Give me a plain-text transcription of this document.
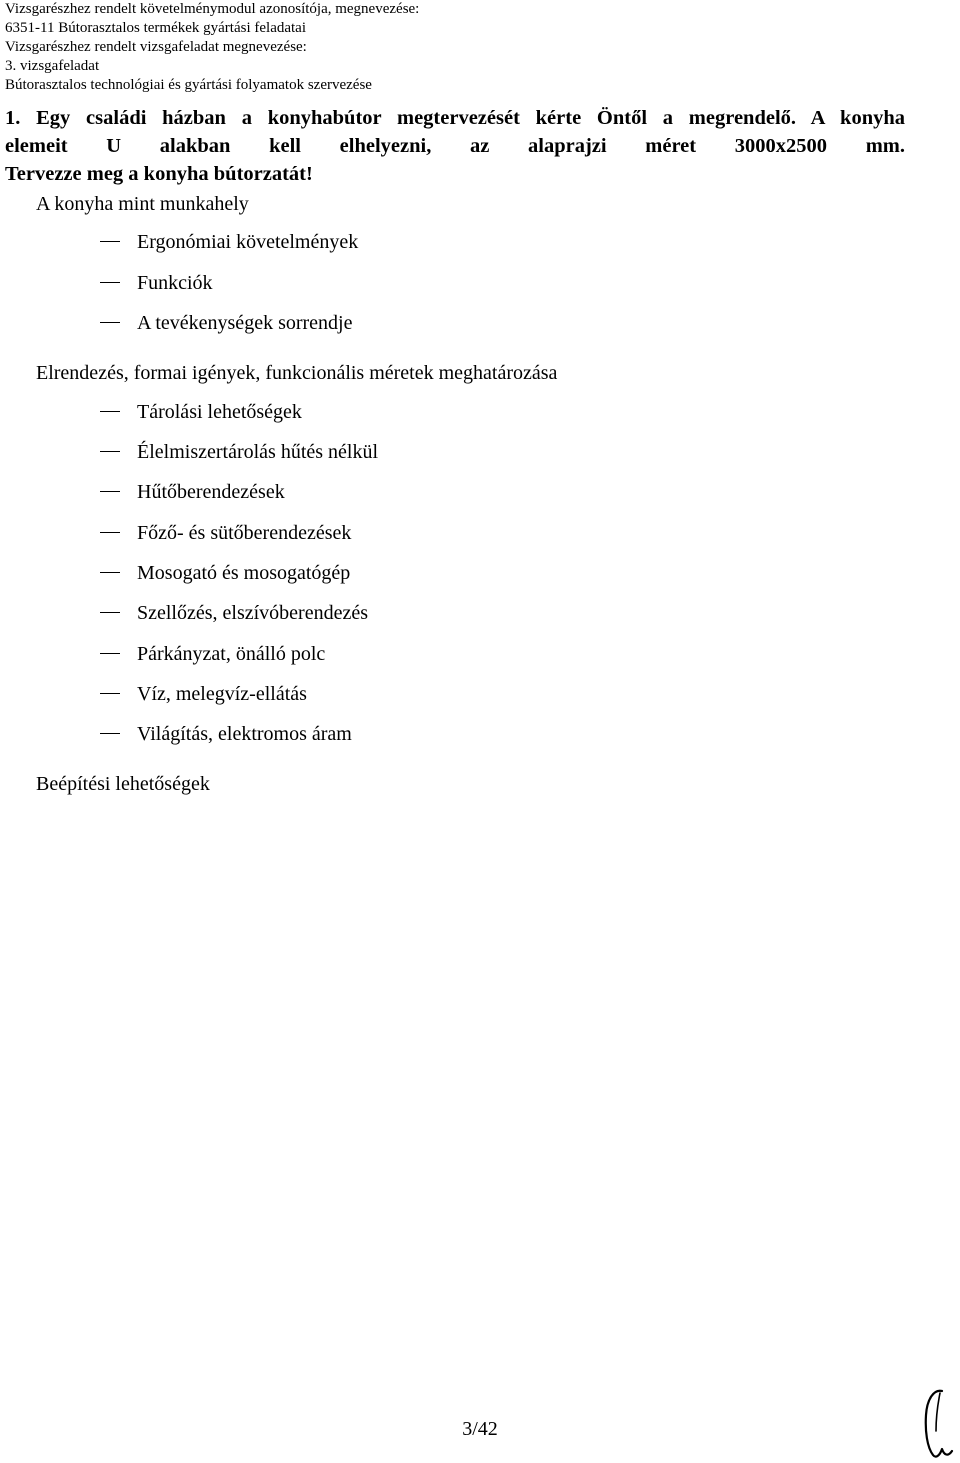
Vizsgarészhez rendelt követelménymodul azonosítója, megnevezése:
6351-11 Bútorasztalos termékek gyártási feladatai
Vizsgarészhez rendelt vizsgafeladat megnevezése:
3. vizsgafeladat
Bútorasztalos technológiai és gyártási folyamatok szervezése
1. Egy családi házban a konyhabútor megtervezését kérte Öntől a megrendelő. A konyha
elemeit U alakban kell elhelyezni, az alaprajzi méret 3000x2500 mm.
Tervezze meg a konyha bútorzatát!
A konyha mint munkahely
Ergonómiai követelmények
Funkciók
A tevékenységek sorrendje
Elrendezés, formai igények, funkcionális méretek meghatározása
Tárolási lehetőségek
Élelmiszertárolás hűtés nélkül
Hűtőberendezések
Főző- és sütőberendezések
Mosogató és mosogatógép
Szellőzés, elszívóberendezés
Párkányzat, önálló polc
Víz, melegvíz-ellátás
Világítás, elektromos áram
Beépítési lehetőségek
3/42
